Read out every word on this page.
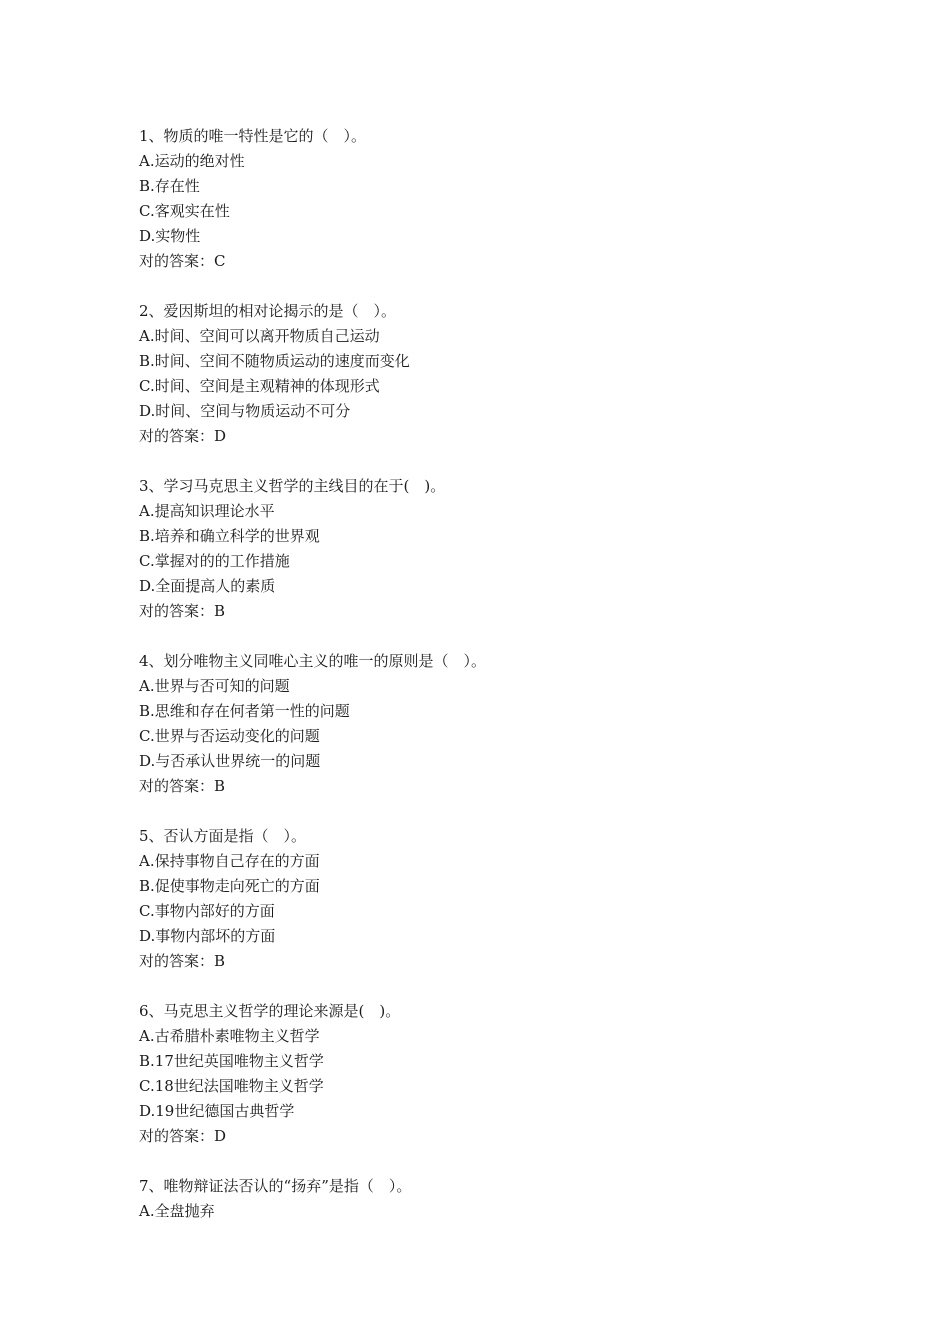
1、物质的唯一特性是它的（　）。
A.运动的绝对性
B.存在性
C.客观实在性
D.实物性
对的答案：C
2、爱因斯坦的相对论揭示的是（　）。
A.时间、空间可以离开物质自己运动
B.时间、空间不随物质运动的速度而变化
C.时间、空间是主观精神的体现形式
D.时间、空间与物质运动不可分
对的答案：D
3、学习马克思主义哲学的主线目的在于(　)。
A.提高知识理论水平
B.培养和确立科学的世界观
C.掌握对的的工作措施
D.全面提高人的素质
对的答案：B
4、划分唯物主义同唯心主义的唯一的原则是（　）。
A.世界与否可知的问题
B.思维和存在何者第一性的问题
C.世界与否运动变化的问题
D.与否承认世界统一的问题
对的答案：B
5、否认方面是指（　）。
A.保持事物自己存在的方面
B.促使事物走向死亡的方面
C.事物内部好的方面
D.事物内部坏的方面
对的答案：B
6、马克思主义哲学的理论来源是(　)。
A.古希腊朴素唯物主义哲学
B.17世纪英国唯物主义哲学
C.18世纪法国唯物主义哲学
D.19世纪德国古典哲学
对的答案：D
7、唯物辩证法否认的“扬弃”是指（　）。
A.全盘抛弃
